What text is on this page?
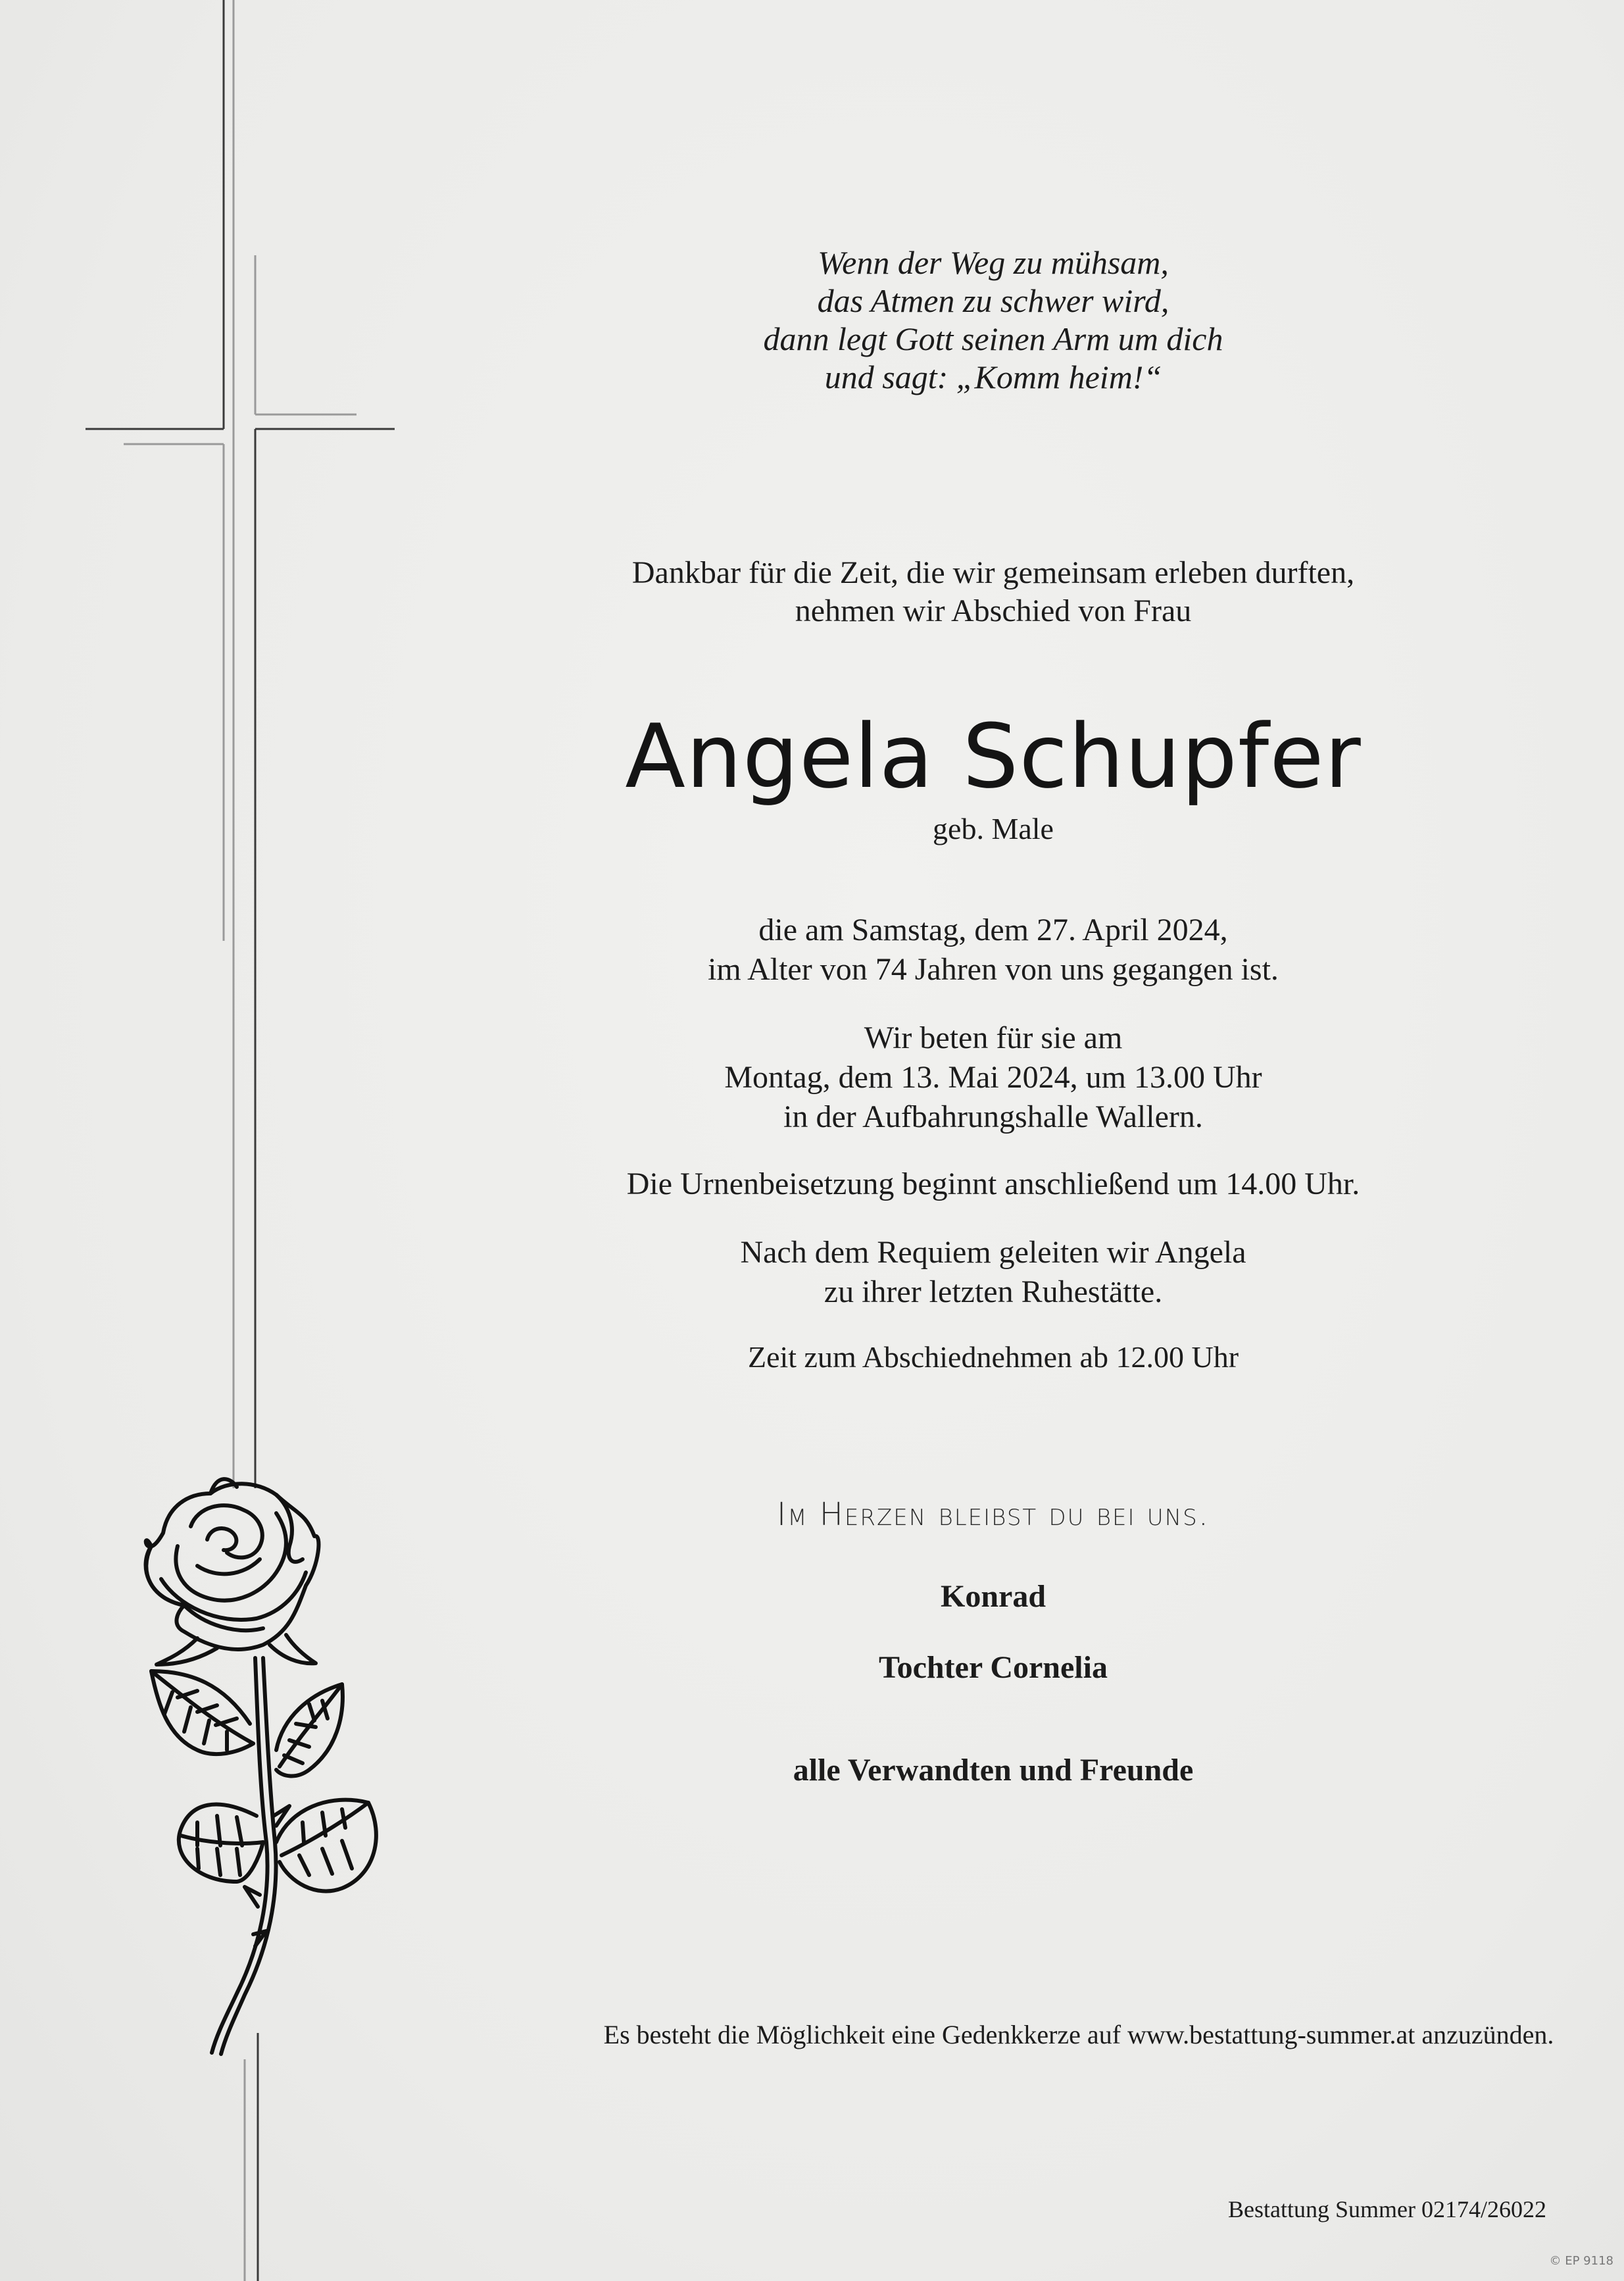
Wenn der Weg zu mühsam,
das Atmen zu schwer wird,
dann legt Gott seinen Arm um dich
und sagt: „Komm heim!“
Dankbar für die Zeit, die wir gemeinsam erleben durften,
nehmen wir Abschied von Frau
Angela Schupfer
geb. Male
die am Samstag, dem 27. April 2024,
im Alter von 74 Jahren von uns gegangen ist.
Wir beten für sie am
Montag, dem 13. Mai 2024, um 13.00 Uhr
in der Aufbahrungshalle Wallern.
Die Urnenbeisetzung beginnt anschließend um 14.00 Uhr.
Nach dem Requiem geleiten wir Angela
zu ihrer letzten Ruhestätte.
Zeit zum Abschiednehmen ab 12.00 Uhr
Im Herzen bleibst du bei uns.
Konrad
Tochter Cornelia
alle Verwandten und Freunde
Es besteht die Möglichkeit eine Gedenkkerze auf www.bestattung-summer.at anzuzünden.
Bestattung Summer 02174/26022
© EP 9118
